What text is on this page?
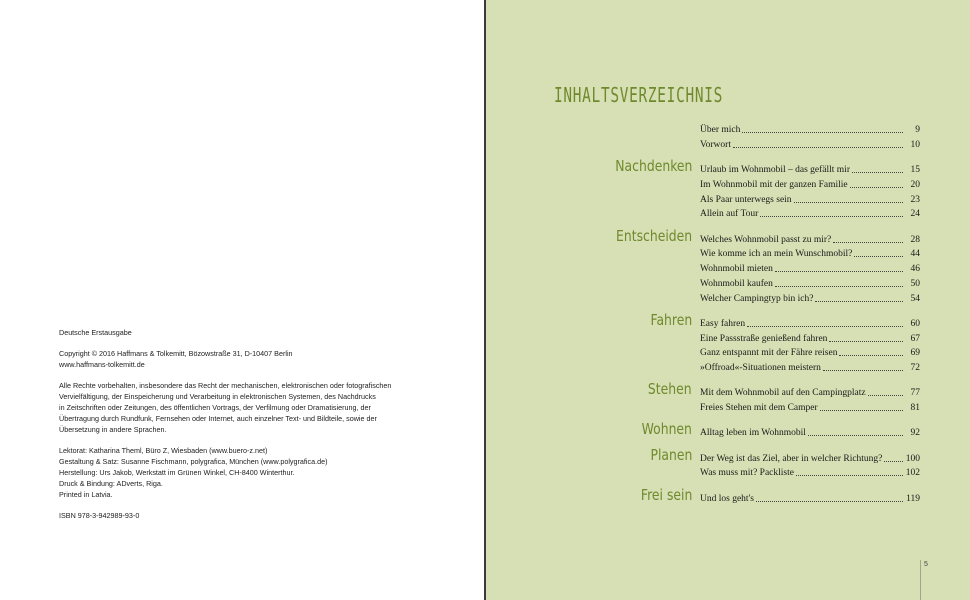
Deutsche Erstausgabe

Copyright © 2016 Haffmans & Tolkemitt, Bözowstraße 31, D-10407 Berlin
www.haffmans-tolkemitt.de

Alle Rechte vorbehalten, insbesondere das Recht der mechanischen, elektronischen oder fotografischen
Vervielfältigung, der Einspeicherung und Verarbeitung in elektronischen Systemen, des Nachdrucks
in Zeitschriften oder Zeitungen, des öffentlichen Vortrags, der Verfilmung oder Dramatisierung, der
Übertragung durch Rundfunk, Fernsehen oder Internet, auch einzelner Text- und Bildteile, sowie der
Übersetzung in andere Sprachen.

Lektorat: Katharina Theml, Büro Z, Wiesbaden (www.buero-z.net)
Gestaltung & Satz: Susanne Fischmann, polygrafica, München (www.polygrafica.de)
Herstellung: Urs Jakob, Werkstatt im Grünen Winkel, CH-8400 Winterthur.
Druck & Bindung: ADverts, Riga.
Printed in Latvia.

ISBN 978-3-942989-93-0

INHALTSVERZEICHNIS
Über mich	9
Vorwort	10
Nachdenken Urlaub im Wohnmobil – das gefällt mir	15
Im Wohnmobil mit der ganzen Familie	20
Als Paar unterwegs sein	23
Allein auf Tour	24
Entscheiden Welches Wohnmobil passt zu mir?	28
Wie komme ich an mein Wunschmobil?	44
Wohnmobil mieten	46
Wohnmobil kaufen	50
Welcher Campingtyp bin ich?	54
Fahren Easy fahren	60
Eine Passstraße genießend fahren	67
Ganz entspannt mit der Fähre reisen	69
»Offroad«-Situationen meistern	72
Stehen Mit dem Wohnmobil auf den Campingplatz	77
Freies Stehen mit dem Camper	81
Wohnen Alltag leben im Wohnmobil	92
Planen Der Weg ist das Ziel, aber in welcher Richtung? 100
Was muss mit? Packliste	102
Frei sein Und los geht's	119
5
